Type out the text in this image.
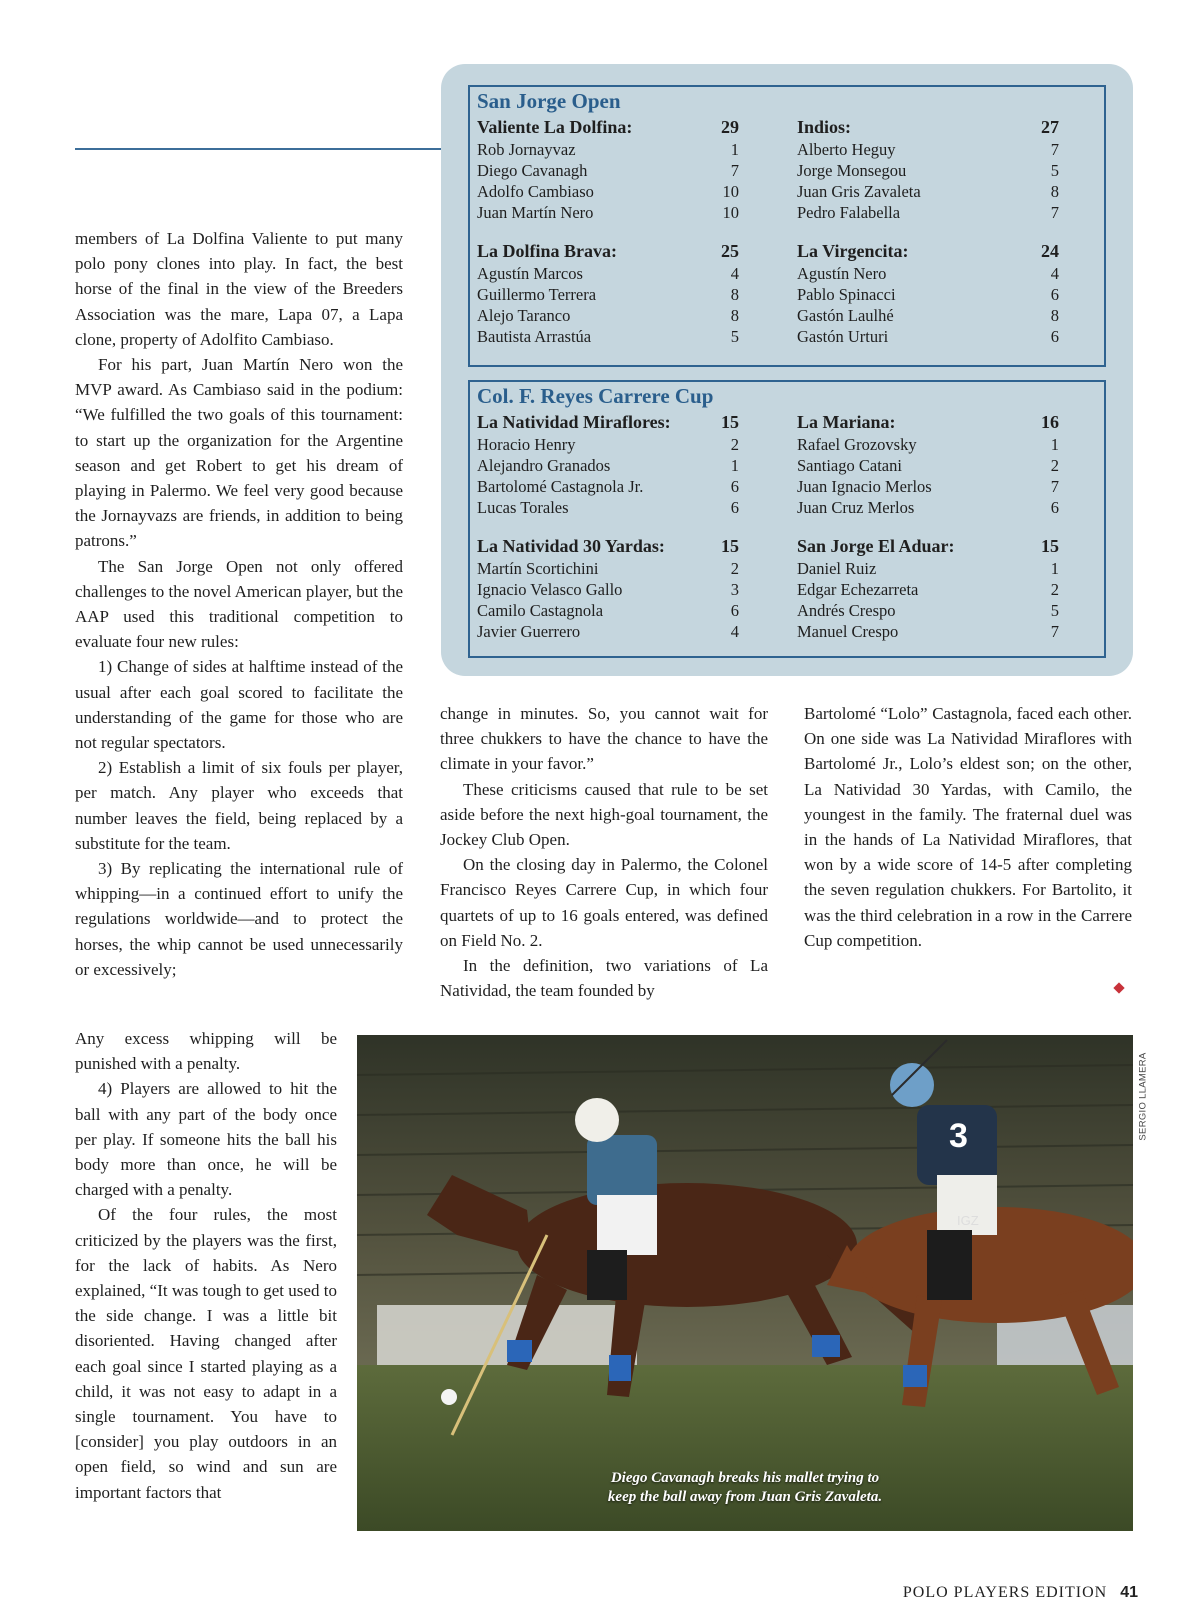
San Jorge Open
Valiente La Dolfina:	29
Rob Jornayvaz	1
Diego Cavanagh	7
Adolfo Cambiaso	10
Juan Martín Nero	10
Indios:	27
Alberto Heguy	7
Jorge Monsegou	5
Juan Gris Zavaleta	8
Pedro Falabella	7
La Dolfina Brava:	25
Agustín Marcos	4
Guillermo Terrera	8
Alejo Taranco	8
Bautista Arrastúa	5
La Virgencita:	24
Agustín Nero	4
Pablo Spinacci	6
Gastón Laulhé	8
Gastón Urturi	6
Col. F. Reyes Carrere Cup
La Natividad Miraflores:	15
Horacio Henry	2
Alejandro Granados	1
Bartolomé Castagnola Jr.	6
Lucas Torales	6
La Mariana:	16
Rafael Grozovsky	1
Santiago Catani	2
Juan Ignacio Merlos	7
Juan Cruz Merlos	6
La Natividad 30 Yardas:	15
Martín Scortichini	2
Ignacio Velasco Gallo	3
Camilo Castagnola	6
Javier Guerrero	4
San Jorge El Aduar:	15
Daniel Ruiz	1
Edgar Echezarreta	2
Andrés Crespo	5
Manuel Crespo	7

members of La Dolfina Valiente to put many polo pony clones into play. In fact, the best horse of the final in the view of the Breeders Association was the mare, Lapa 07, a Lapa clone, property of Adolfito Cambiaso.

For his part, Juan Martín Nero won the MVP award. As Cambiaso said in the podium: “We fulfilled the two goals of this tournament: to start up the organization for the Argentine season and get Robert to get his dream of playing in Palermo. We feel very good because the Jornayvazs are friends, in addition to being patrons.”

The San Jorge Open not only offered challenges to the novel American player, but the AAP used this traditional competition to evaluate four new rules:

1) Change of sides at halftime instead of the usual after each goal scored to facilitate the understanding of the game for those who are not regular spectators.

2) Establish a limit of six fouls per player, per match. Any player who exceeds that number leaves the field, being replaced by a substitute for the team.

3) By replicating the international rule of whipping—in a continued effort to unify the regulations worldwide—and to protect the horses, the whip cannot be used unnecessarily or excessively;

Any excess whipping will be punished with a penalty.

4) Players are allowed to hit the ball with any part of the body once per play. If someone hits the ball his body more than once, he will be charged with a penalty.

Of the four rules, the most criticized by the players was the first, for the lack of habits. As Nero explained, “It was tough to get used to the side change. I was a little bit disoriented. Having changed after each goal since I started playing as a child, it was not easy to adapt in a single tournament. You have to [consider] you play outdoors in an open field, so wind and sun are important factors that

change in minutes. So, you cannot wait for three chukkers to have the chance to have the climate in your favor.”

These criticisms caused that rule to be set aside before the next high-goal tournament, the Jockey Club Open.

On the closing day in Palermo, the Colonel Francisco Reyes Carrere Cup, in which four quartets of up to 16 goals entered, was defined on Field No. 2.

In the definition, two variations of La Natividad, the team founded by

Bartolomé “Lolo” Castagnola, faced each other. On one side was La Natividad Miraflores with Bartolomé Jr., Lolo’s eldest son; on the other, La Natividad 30 Yardas, with Camilo, the youngest in the family. The fraternal duel was in the hands of La Natividad Miraflores, that won by a wide score of 14-5 after completing the seven regulation chukkers. For Bartolito, it was the third celebration in a row in the Carrere Cup competition.

3
IGZ
Diego Cavanagh breaks his mallet trying to
keep the ball away from Juan Gris Zavaleta.
SERGIO LLAMERA
POLO PLAYERS EDITION 41
